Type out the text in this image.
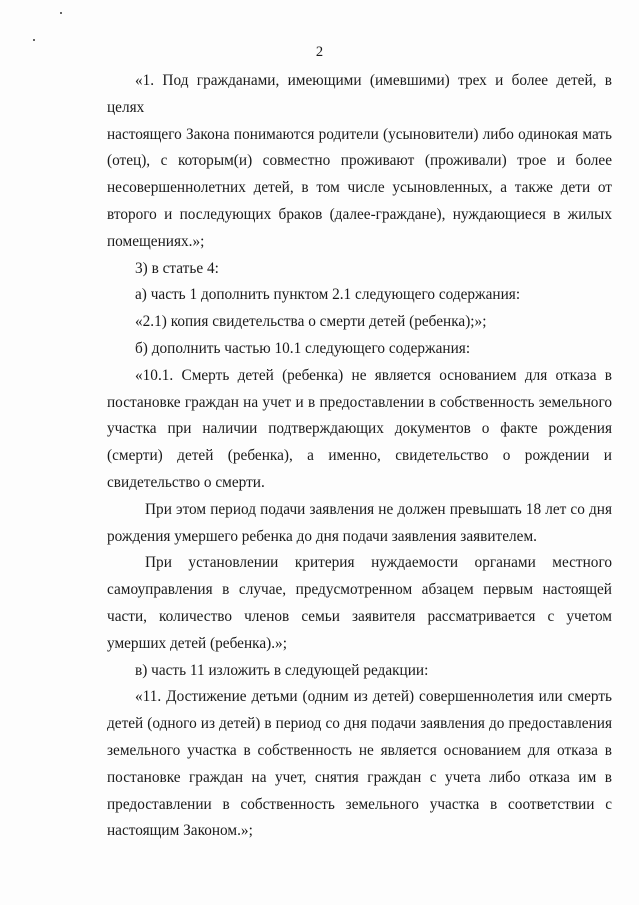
2

«1. Под гражданами, имеющими (имевшими) трех и более детей, в целях
настоящего Закона понимаются родители (усыновители) либо одинокая мать
(отец), с которым(и) совместно проживают (проживали) трое и более
несовершеннолетних детей, в том числе усыновленных, а также дети от
второго и последующих браков (далее-граждане), нуждающиеся в жилых
помещениях.»;

3) в статье 4:

а) часть 1 дополнить пунктом 2.1 следующего содержания:

«2.1) копия свидетельства о смерти детей (ребенка);»;

б) дополнить частью 10.1 следующего содержания:

«10.1. Смерть детей (ребенка) не является основанием для отказа в
постановке граждан на учет и в предоставлении в собственность земельного
участка при наличии подтверждающих документов о факте рождения
(смерти) детей (ребенка), а именно, свидетельство о рождении и
свидетельство о смерти.

При этом период подачи заявления не должен превышать 18 лет со дня
рождения умершего ребенка до дня подачи заявления заявителем.

При установлении критерия нуждаемости органами местного
самоуправления в случае, предусмотренном абзацем первым настоящей
части, количество членов семьи заявителя рассматривается с учетом
умерших детей (ребенка).»;

в) часть 11 изложить в следующей редакции:

«11. Достижение детьми (одним из детей) совершеннолетия или смерть
детей (одного из детей) в период со дня подачи заявления до предоставления
земельного участка в собственность не является основанием для отказа в
постановке граждан на учет, снятия граждан с учета либо отказа им в
предоставлении в собственность земельного участка в соответствии с
настоящим Законом.»;
